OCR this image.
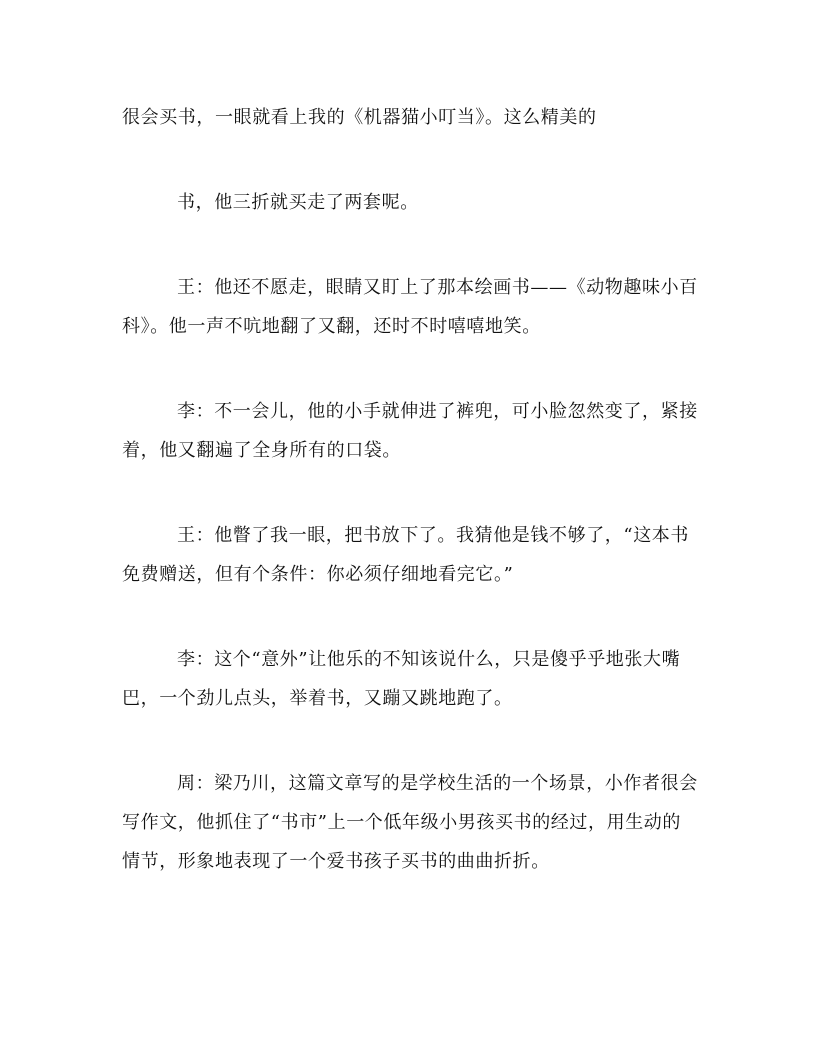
很会买书，一眼就看上我的《机器猫小叮当》。这么精美的
书，他三折就买走了两套呢。
王：他还不愿走，眼睛又盯上了那本绘画书——《动物趣味小百
科》。他一声不吭地翻了又翻，还时不时嘻嘻地笑。
李：不一会儿，他的小手就伸进了裤兜，可小脸忽然变了，紧接
着，他又翻遍了全身所有的口袋。
王：他瞥了我一眼，把书放下了。我猜他是钱不够了，“这本书
免费赠送，但有个条件：你必须仔细地看完它。”
李：这个“意外”让他乐的不知该说什么，只是傻乎乎地张大嘴
巴，一个劲儿点头，举着书，又蹦又跳地跑了。
周：梁乃川，这篇文章写的是学校生活的一个场景，小作者很会
写作文，他抓住了“书市”上一个低年级小男孩买书的经过，用生动的
情节，形象地表现了一个爱书孩子买书的曲曲折折。
